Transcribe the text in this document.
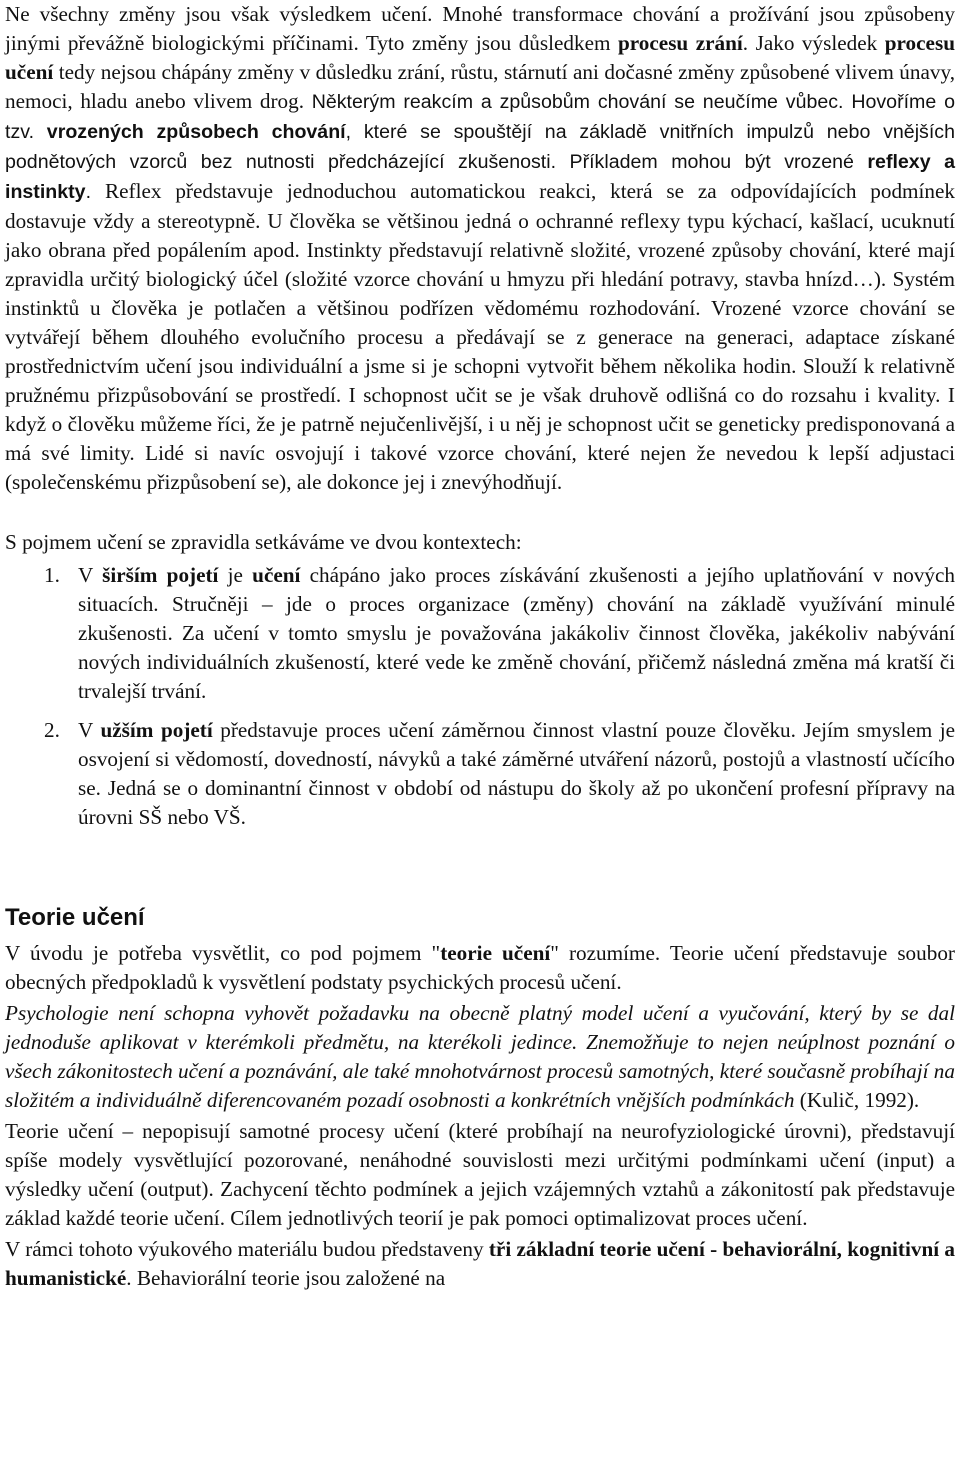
Ne všechny změny jsou však výsledkem učení. Mnohé transformace chování a prožívání jsou způsobeny jinými převážně biologickými příčinami. Tyto změny jsou důsledkem procesu zrání. Jako výsledek procesu učení tedy nejsou chápány změny v důsledku zrání, růstu, stárnutí ani dočasné změny způsobené vlivem únavy, nemoci, hladu anebo vlivem drog. Některým reakcím a způsobům chování se neučíme vůbec. Hovoříme o tzv. vrozených způsobech chování, které se spouštějí na základě vnitřních impulzů nebo vnějších podnětových vzorců bez nutnosti předcházející zkušenosti. Příkladem mohou být vrozené reflexy a instinkty. Reflex představuje jednoduchou automatickou reakci, která se za odpovídajících podmínek dostavuje vždy a stereotypně. U člověka se většinou jedná o ochranné reflexy typu kýchací, kašlací, ucuknutí jako obrana před popálením apod. Instinkty představují relativně složité, vrozené způsoby chování, které mají zpravidla určitý biologický účel (složité vzorce chování u hmyzu při hledání potravy, stavba hnízd…). Systém instinktů u člověka je potlačen a většinou podřízen vědomému rozhodování. Vrozené vzorce chování se vytvářejí během dlouhého evolučního procesu a předávají se z generace na generaci, adaptace získané prostřednictvím učení jsou individuální a jsme si je schopni vytvořit během několika hodin. Slouží k relativně pružnému přizpůsobování se prostředí. I schopnost učit se je však druhově odlišná co do rozsahu i kvality. I když o člověku můžeme říci, že je patrně nejučenlivější, i u něj je schopnost učit se geneticky predisponovaná a má své limity. Lidé si navíc osvojují i takové vzorce chování, které nejen že nevedou k lepší adjustaci (společenskému přizpůsobení se), ale dokonce jej i znevýhodňují.

S pojmem učení se zpravidla setkáváme ve dvou kontextech:

1. V širším pojetí je učení chápáno jako proces získávání zkušenosti a jejího uplatňování v nových situacích. Stručněji – jde o proces organizace (změny) chování na základě využívání minulé zkušenosti. Za učení v tomto smyslu je považována jakákoliv činnost člověka, jakékoliv nabývání nových individuálních zkušeností, které vede ke změně chování, přičemž následná změna má kratší či trvalejší trvání.
2. V užším pojetí představuje proces učení záměrnou činnost vlastní pouze člověku. Jejím smyslem je osvojení si vědomostí, dovedností, návyků a také záměrné utváření názorů, postojů a vlastností učícího se. Jedná se o dominantní činnost v období od nástupu do školy až po ukončení profesní přípravy na úrovni SŠ nebo VŠ.
Teorie učení

V úvodu je potřeba vysvětlit, co pod pojmem "teorie učení" rozumíme. Teorie učení představuje soubor obecných předpokladů k vysvětlení podstaty psychických procesů učení.

Psychologie není schopna vyhovět požadavku na obecně platný model učení a vyučování, který by se dal jednoduše aplikovat v kterémkoli předmětu, na kterékoli jedince. Znemožňuje to nejen neúplnost poznání o všech zákonitostech učení a poznávání, ale také mnohotvárnost procesů samotných, které současně probíhají na složitém a individuálně diferencovaném pozadí osobnosti a konkrétních vnějších podmínkách (Kulič, 1992).

Teorie učení – nepopisují samotné procesy učení (které probíhají na neurofyziologické úrovni), představují spíše modely vysvětlující pozorované, nenáhodné souvislosti mezi určitými podmínkami učení (input) a výsledky učení (output). Zachycení těchto podmínek a jejich vzájemných vztahů a zákonitostí pak představuje základ každé teorie učení. Cílem jednotlivých teorií je pak pomoci optimalizovat proces učení.

V rámci tohoto výukového materiálu budou představeny tři základní teorie učení - behaviorální, kognitivní a humanistické. Behaviorální teorie jsou založené na
